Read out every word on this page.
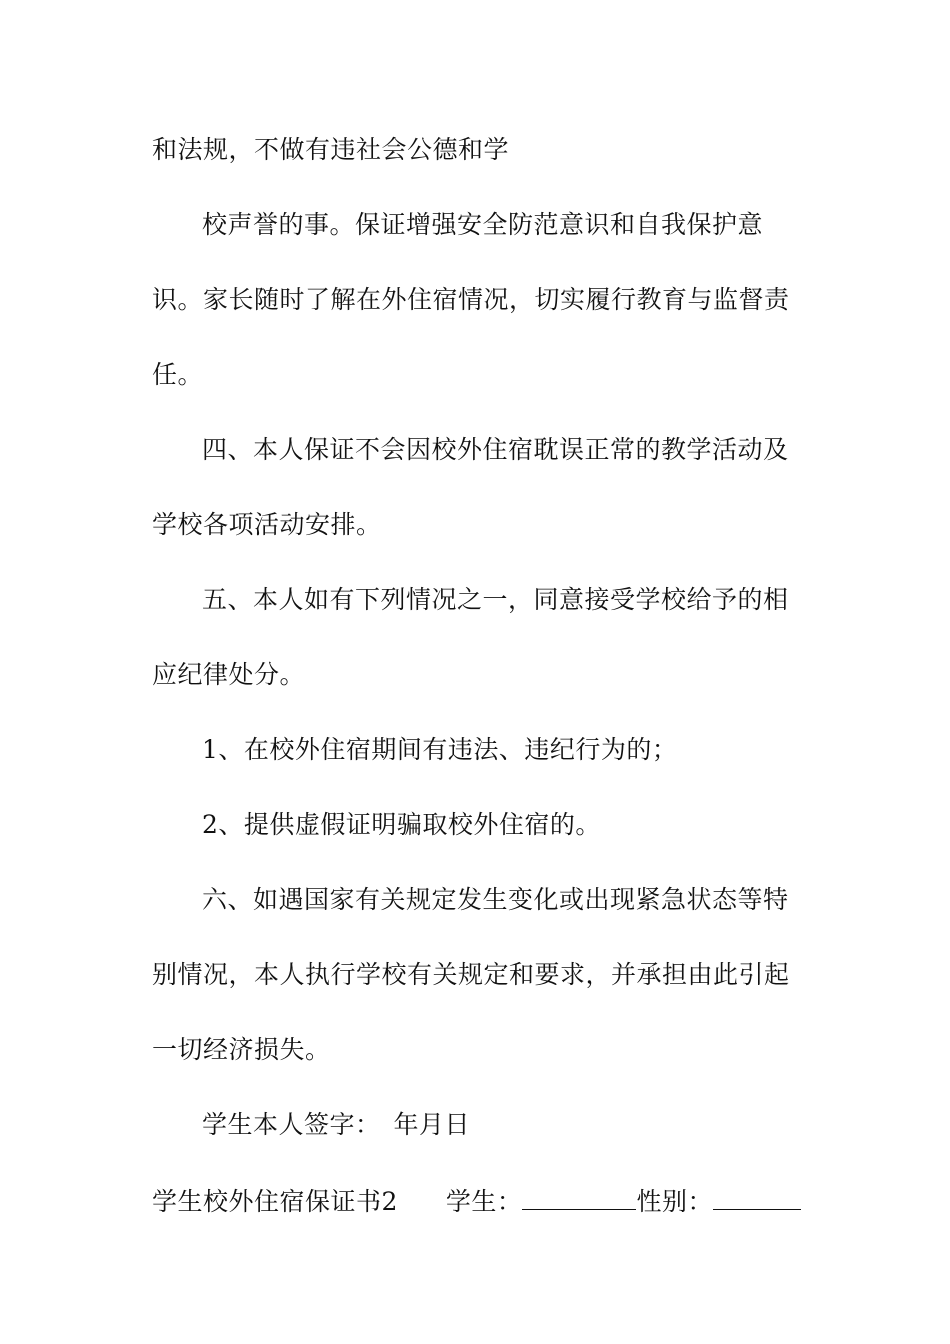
和法规，不做有违社会公德和学
校声誉的事。保证增强安全防范意识和自我保护意
识。家长随时了解在外住宿情况，切实履行教育与监督责
任。
四、本人保证不会因校外住宿耽误正常的教学活动及
学校各项活动安排。
五、本人如有下列情况之一，同意接受学校给予的相
应纪律处分。
1、在校外住宿期间有违法、违纪行为的；
2、提供虚假证明骗取校外住宿的。
六、如遇国家有关规定发生变化或出现紧急状态等特
别情况，本人执行学校有关规定和要求，并承担由此引起
一切经济损失。
学生本人签字：　年月日
学生校外住宿保证书2 学生：	性别：
